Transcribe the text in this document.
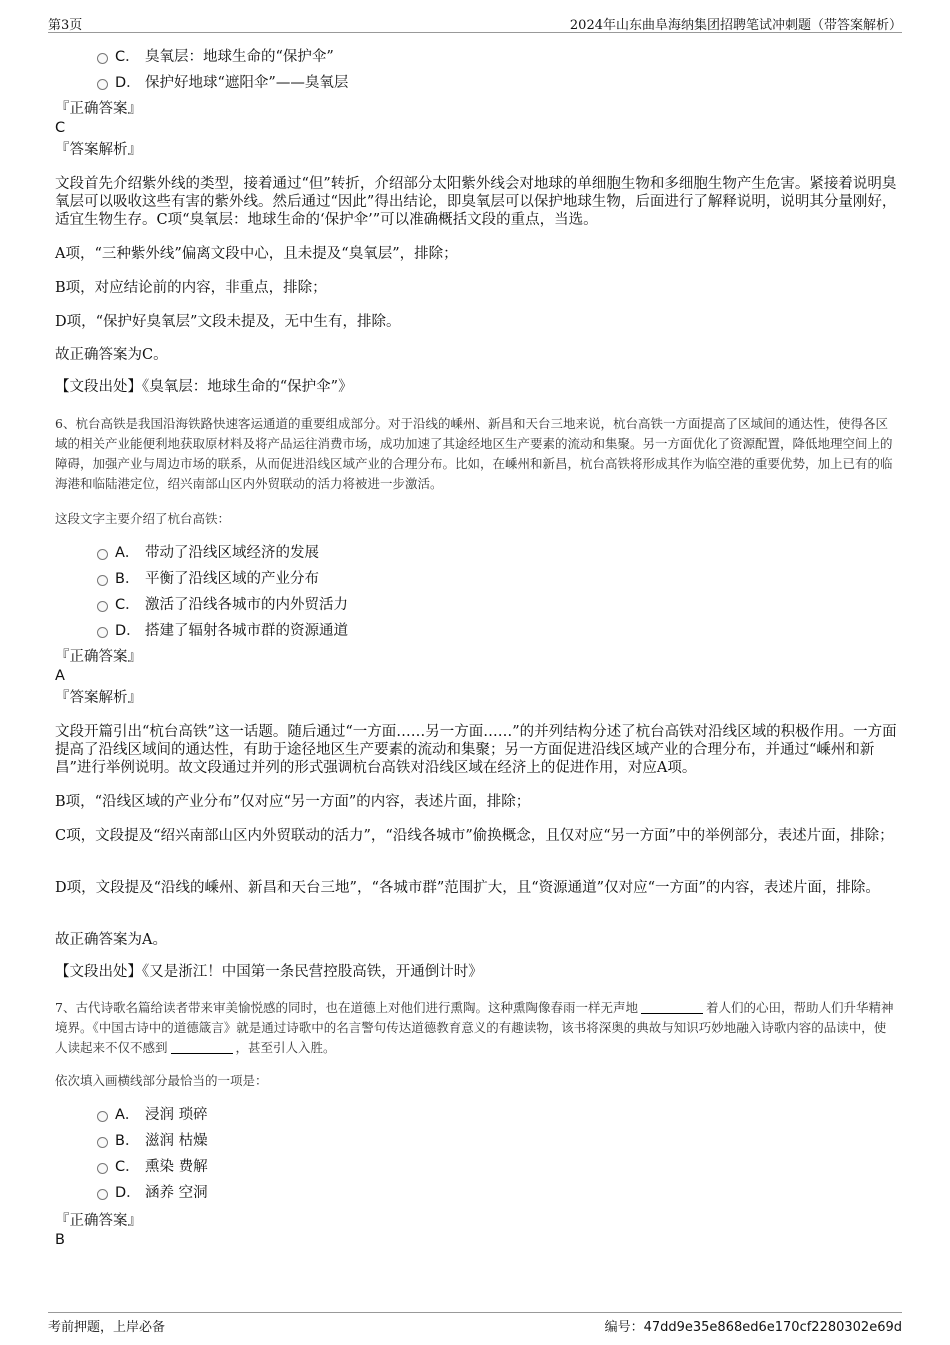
第3页	2024年山东曲阜海纳集团招聘笔试冲刺题（带答案解析）
C． 臭氧层：地球生命的“保护伞”
D． 保护好地球“遮阳伞”——臭氧层
『正确答案』
C
『答案解析』

文段首先介绍紫外线的类型，接着通过“但”转折，介绍部分太阳紫外线会对地球的单细胞生物和多细胞生物产生危害。紧接着说明臭氧层可以吸收这些有害的紫外线。然后通过“因此”得出结论，即臭氧层可以保护地球生物，后面进行了解释说明，说明其分量刚好，适宜生物生存。C项“臭氧层：地球生命的‘保护伞’”可以准确概括文段的重点，当选。

A项，“三种紫外线”偏离文段中心，且未提及“臭氧层”，排除；

B项，对应结论前的内容，非重点，排除；

D项，“保护好臭氧层”文段未提及，无中生有，排除。

故正确答案为C。

【文段出处】《臭氧层：地球生命的“保护伞”》

6、杭台高铁是我国沿海铁路快速客运通道的重要组成部分。对于沿线的嵊州、新昌和天台三地来说，杭台高铁一方面提高了区域间的通达性，使得各区域的相关产业能便利地获取原材料及将产品运往消费市场，成功加速了其途经地区生产要素的流动和集聚。另一方面优化了资源配置，降低地理空间上的障碍，加强产业与周边市场的联系，从而促进沿线区域产业的合理分布。比如，在嵊州和新昌，杭台高铁将形成其作为临空港的重要优势，加上已有的临海港和临陆港定位，绍兴南部山区内外贸联动的活力将被进一步激活。

这段文字主要介绍了杭台高铁：
A． 带动了沿线区域经济的发展
B． 平衡了沿线区域的产业分布
C． 激活了沿线各城市的内外贸活力
D． 搭建了辐射各城市群的资源通道
『正确答案』
A
『答案解析』

文段开篇引出“杭台高铁”这一话题。随后通过“一方面……另一方面……”的并列结构分述了杭台高铁对沿线区域的积极作用。一方面提高了沿线区域间的通达性，有助于途径地区生产要素的流动和集聚；另一方面促进沿线区域产业的合理分布，并通过“嵊州和新昌”进行举例说明。故文段通过并列的形式强调杭台高铁对沿线区域在经济上的促进作用，对应A项。

B项，“沿线区域的产业分布”仅对应“另一方面”的内容，表述片面，排除；

C项，文段提及“绍兴南部山区内外贸联动的活力”，“沿线各城市”偷换概念，且仅对应“另一方面”中的举例部分，表述片面，排除；

D项，文段提及“沿线的嵊州、新昌和天台三地”，“各城市群”范围扩大，且“资源通道”仅对应“一方面”的内容，表述片面，排除。

故正确答案为A。

【文段出处】《又是浙江！中国第一条民营控股高铁，开通倒计时》

7、古代诗歌名篇给读者带来审美愉悦感的同时，也在道德上对他们进行熏陶。这种熏陶像春雨一样无声地	着人们的心田，帮助人们升华精神境界。《中国古诗中的道德箴言》就是通过诗歌中的名言警句传达道德教育意义的有趣读物，该书将深奥的典故与知识巧妙地融入诗歌内容的品读中，使人读起来不仅不感到	，甚至引人入胜。

依次填入画横线部分最恰当的一项是：
A． 浸润 琐碎
B． 滋润 枯燥
C． 熏染 费解
D． 涵养 空洞
『正确答案』
B
考前押题，上岸必备	编号：47dd9e35e868ed6e170cf2280302e69d
